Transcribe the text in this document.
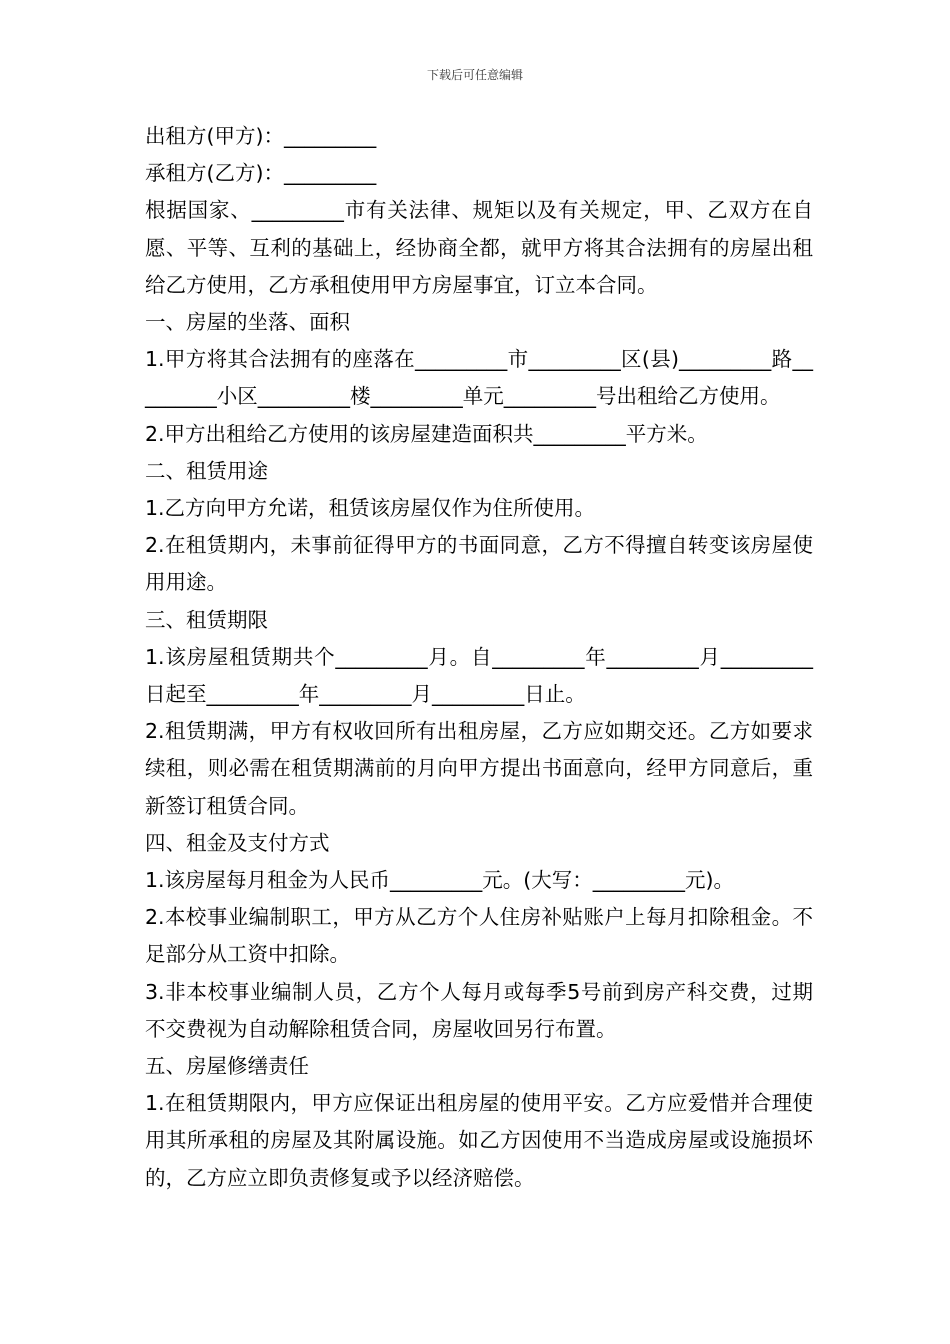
下载后可任意编辑

出租方(甲方)：_________

承租方(乙方)：_________

根据国家、_________市有关法律、规矩以及有关规定，甲、乙双方在自愿、平等、互利的基础上，经协商全都，就甲方将其合法拥有的房屋出租给乙方使用，乙方承租使用甲方房屋事宜，订立本合同。

一、房屋的坐落、面积

1.甲方将其合法拥有的座落在_________市_________区(县)_________路_________小区_________楼_________单元_________号出租给乙方使用。

2.甲方出租给乙方使用的该房屋建造面积共_________平方米。

二、租赁用途

1.乙方向甲方允诺，租赁该房屋仅作为住所使用。

2.在租赁期内，未事前征得甲方的书面同意，乙方不得擅自转变该房屋使用用途。

三、租赁期限

1.该房屋租赁期共个_________月。自_________年_________月_________日起至_________年_________月_________日止。

2.租赁期满，甲方有权收回所有出租房屋，乙方应如期交还。乙方如要求续租，则必需在租赁期满前的月向甲方提出书面意向，经甲方同意后，重新签订租赁合同。

四、租金及支付方式

1.该房屋每月租金为人民币_________元。(大写：_________元)。

2.本校事业编制职工，甲方从乙方个人住房补贴账户上每月扣除租金。不足部分从工资中扣除。

3.非本校事业编制人员，乙方个人每月或每季5号前到房产科交费，过期不交费视为自动解除租赁合同，房屋收回另行布置。

五、房屋修缮责任

1.在租赁期限内，甲方应保证出租房屋的使用平安。乙方应爱惜并合理使用其所承租的房屋及其附属设施。如乙方因使用不当造成房屋或设施损坏的，乙方应立即负责修复或予以经济赔偿。
